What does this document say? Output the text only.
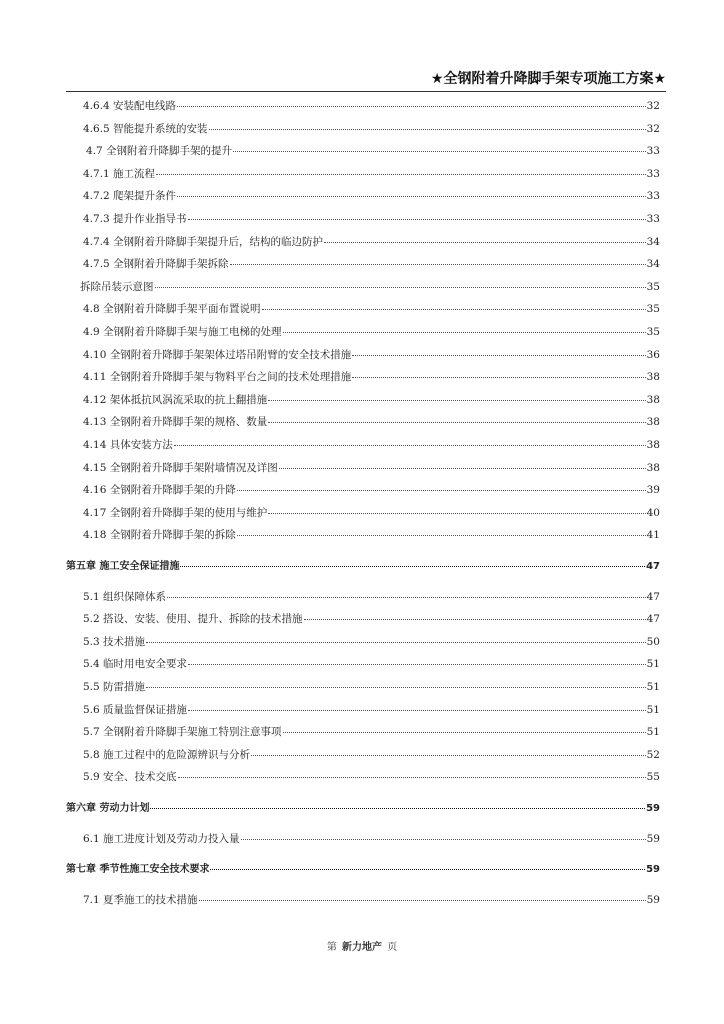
★全钢附着升降脚手架专项施工方案★
4.6.4 安装配电线路	32
4.6.5 智能提升系统的安装	32
4.7 全钢附着升降脚手架的提升	33
4.7.1 施工流程	33
4.7.2 爬架提升条件	33
4.7.3 提升作业指导书	33
4.7.4 全钢附着升降脚手架提升后，结构的临边防护	34
4.7.5 全钢附着升降脚手架拆除	34
拆除吊装示意图	35
4.8 全钢附着升降脚手架平面布置说明	35
4.9 全钢附着升降脚手架与施工电梯的处理	35
4.10 全钢附着升降脚手架架体过塔吊附臂的安全技术措施	36
4.11 全钢附着升降脚手架与物料平台之间的技术处理措施	38
4.12 架体抵抗风涡流采取的抗上翻措施	38
4.13 全钢附着升降脚手架的规格、数量	38
4.14 具体安装方法	38
4.15 全钢附着升降脚手架附墙情况及详图	38
4.16 全钢附着升降脚手架的升降	39
4.17 全钢附着升降脚手架的使用与维护	40
4.18 全钢附着升降脚手架的拆除	41
第五章 施工安全保证措施	47
5.1 组织保障体系	47
5.2 搭设、安装、使用、提升、拆除的技术措施	47
5.3 技术措施	50
5.4 临时用电安全要求	51
5.5 防雷措施	51
5.6 质量监督保证措施	51
5.7 全钢附着升降脚手架施工特别注意事项	51
5.8 施工过程中的危险源辨识与分析	52
5.9 安全、技术交底	55
第六章 劳动力计划	59
6.1 施工进度计划及劳动力投入量	59
第七章 季节性施工安全技术要求	59
7.1 夏季施工的技术措施	59
第 新力地产 页
